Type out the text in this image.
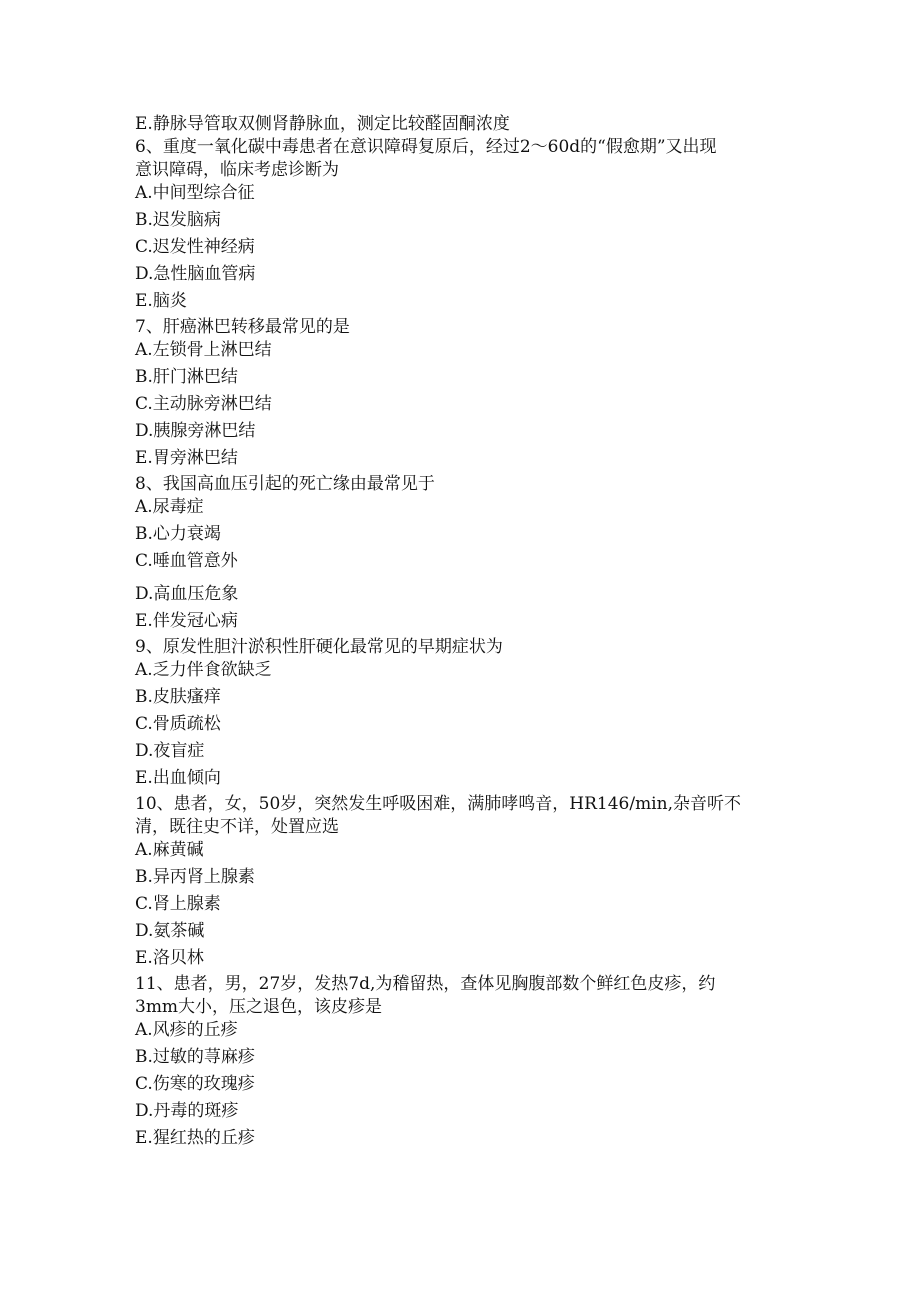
E.静脉导管取双侧肾静脉血，测定比较醛固酮浓度
6、重度一氧化碳中毒患者在意识障碍复原后，经过2～60d的“假愈期”又出现
意识障碍，临床考虑诊断为
A.中间型综合征
B.迟发脑病
C.迟发性神经病
D.急性脑血管病
E.脑炎
7、肝癌淋巴转移最常见的是
A.左锁骨上淋巴结
B.肝门淋巴结
C.主动脉旁淋巴结
D.胰腺旁淋巴结
E.胃旁淋巴结
8、我国高血压引起的死亡缘由最常见于
A.尿毒症
B.心力衰竭
C.唾血管意外
D.高血压危象
E.伴发冠心病
9、原发性胆汁淤积性肝硬化最常见的早期症状为
A.乏力伴食欲缺乏
B.皮肤瘙痒
C.骨质疏松
D.夜盲症
E.出血倾向
10、患者，女，50岁，突然发生呼吸困难，满肺哮鸣音，HR146/min,杂音听不
清，既往史不详，处置应选
A.麻黄碱
B.异丙肾上腺素
C.肾上腺素
D.氨茶碱
E.洛贝林
11、患者，男，27岁，发热7d,为稽留热，查体见胸腹部数个鲜红色皮疹，约
3mm大小，压之退色，该皮疹是
A.风疹的丘疹
B.过敏的荨麻疹
C.伤寒的玫瑰疹
D.丹毒的斑疹
E.猩红热的丘疹
